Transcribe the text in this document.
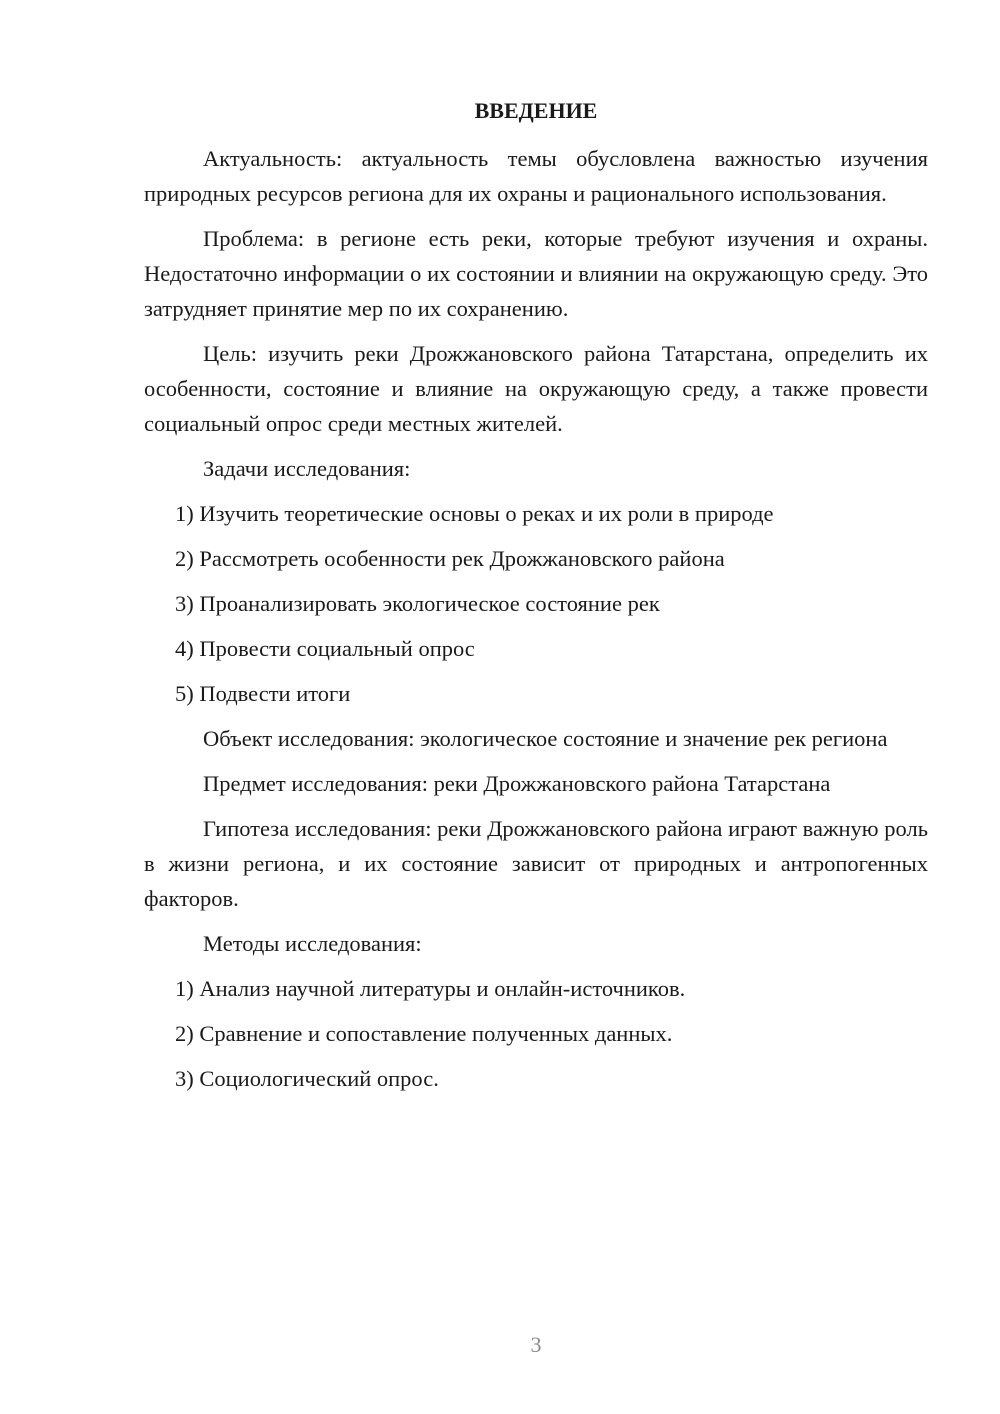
ВВЕДЕНИЕ

Актуальность: актуальность темы обусловлена важностью изучения природных ресурсов региона для их охраны и рационального использования.

Проблема: в регионе есть реки, которые требуют изучения и охраны. Недостаточно информации о их состоянии и влиянии на окружающую среду. Это затрудняет принятие мер по их сохранению.

Цель: изучить реки Дрожжановского района Татарстана, определить их особенности, состояние и влияние на окружающую среду, а также провести социальный опрос среди местных жителей.

Задачи исследования:

1) Изучить теоретические основы о реках и их роли в природе

2) Рассмотреть особенности рек Дрожжановского района

3) Проанализировать экологическое состояние рек

4) Провести социальный опрос

5) Подвести итоги

Объект исследования: экологическое состояние и значение рек региона

Предмет исследования: реки Дрожжановского района Татарстана

Гипотеза исследования: реки Дрожжановского района играют важную роль в жизни региона, и их состояние зависит от природных и антропогенных факторов.

Методы исследования:

1) Анализ научной литературы и онлайн-источников.

2) Сравнение и сопоставление полученных данных.

3) Социологический опрос.

3
